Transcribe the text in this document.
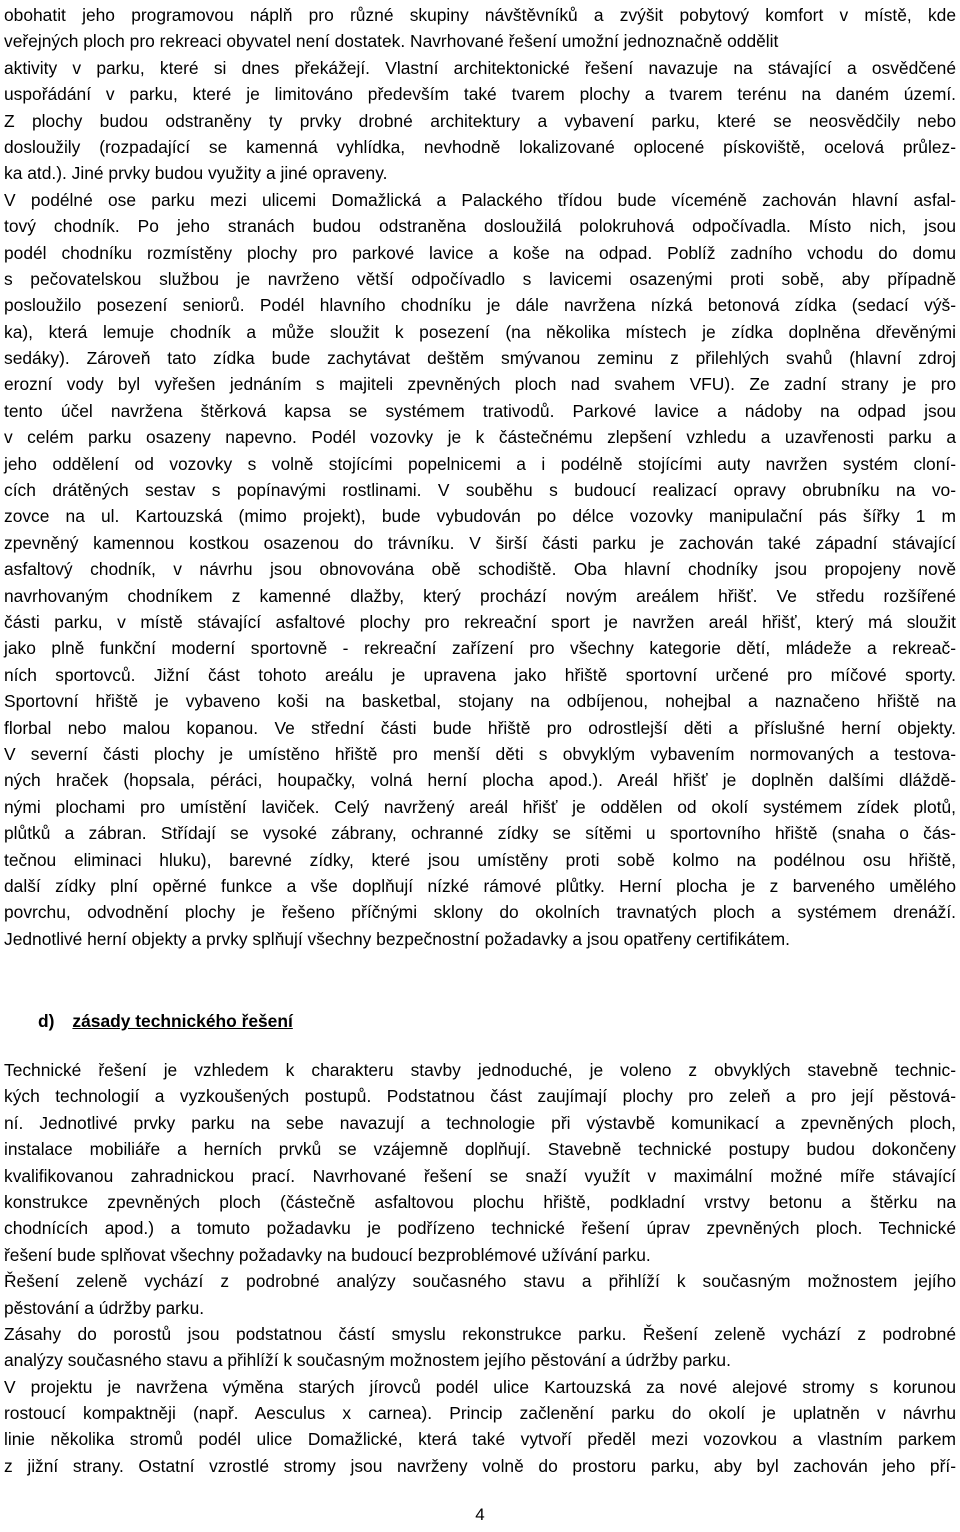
obohatit jeho programovou náplň pro různé skupiny návštěvníků a zvýšit pobytový komfort v místě, kde
veřejných ploch pro rekreaci obyvatel není dostatek. Navrhované řešení umožní jednoznačně oddělit
aktivity v parku, které si dnes překážejí. Vlastní architektonické řešení navazuje na stávající a osvědčené
uspořádání v parku, které je limitováno především také tvarem plochy a tvarem terénu na daném území.
Z plochy budou odstraněny ty prvky drobné architektury a vybavení parku, které se neosvědčily nebo
dosloužily (rozpadající se kamenná vyhlídka, nevhodně lokalizované oplocené pískoviště, ocelová průlez-
ka atd.). Jiné prvky budou využity a jiné opraveny.
V podélné ose parku mezi ulicemi Domažlická a Palackého třídou bude víceméně zachován hlavní asfal-
tový chodník. Po jeho stranách budou odstraněna dosloužilá polokruhová odpočívadla. Místo nich, jsou
podél chodníku rozmístěny plochy pro parkové lavice a koše na odpad. Poblíž zadního vchodu do domu
s pečovatelskou službou je navrženo větší odpočívadlo s lavicemi osazenými proti sobě, aby případně
posloužilo posezení seniorů. Podél hlavního chodníku je dále navržena nízká betonová zídka (sedací výš-
ka), která lemuje chodník a může sloužit k posezení (na několika místech je zídka doplněna dřevěnými
sedáky). Zároveň tato zídka bude zachytávat deštěm smývanou zeminu z přilehlých svahů (hlavní zdroj
erozní vody byl vyřešen jednáním s majiteli zpevněných ploch nad svahem VFU). Ze zadní strany je pro
tento účel navržena štěrková kapsa se systémem trativodů. Parkové lavice a nádoby na odpad jsou
v celém parku osazeny napevno. Podél vozovky je k částečnému zlepšení vzhledu a uzavřenosti parku a
jeho oddělení od vozovky s volně stojícími popelnicemi a i podélně stojícími auty navržen systém cloní-
cích drátěných sestav s popínavými rostlinami. V souběhu s budoucí realizací opravy obrubníku na vo-
zovce na ul. Kartouzská (mimo projekt), bude vybudován po délce vozovky manipulační pás šířky 1 m
zpevněný kamennou kostkou osazenou do trávníku. V širší části parku je zachován také západní stávající
asfaltový chodník, v návrhu jsou obnovována obě schodiště. Oba hlavní chodníky jsou propojeny nově
navrhovaným chodníkem z kamenné dlažby, který prochází novým areálem hřišť. Ve středu rozšířené
části parku, v místě stávající asfaltové plochy pro rekreační sport je navržen areál hřišť, který má sloužit
jako plně funkční moderní sportovně - rekreační zařízení pro všechny kategorie dětí, mládeže a rekreač-
ních sportovců. Jižní část tohoto areálu je upravena jako hřiště sportovní určené pro míčové sporty.
Sportovní hřiště je vybaveno koši na basketbal, stojany na odbíjenou, nohejbal a naznačeno hřiště na
florbal nebo malou kopanou. Ve střední části bude hřiště pro odrostlejší děti a příslušné herní objekty.
V severní části plochy je umístěno hřiště pro menší děti s obvyklým vybavením normovaných a testova-
ných hraček (hopsala, péráci, houpačky, volná herní plocha apod.). Areál hřišť je doplněn dalšími dláždě-
nými plochami pro umístění laviček. Celý navržený areál hřišť je oddělen od okolí systémem zídek plotů,
plůtků a zábran. Střídají se vysoké zábrany, ochranné zídky se sítěmi u sportovního hřiště (snaha o čás-
tečnou eliminaci hluku), barevné zídky, které jsou umístěny proti sobě kolmo na podélnou osu hřiště,
další zídky plní opěrné funkce a vše doplňují nízké rámové plůtky. Herní plocha je z barveného umělého
povrchu, odvodnění plochy je řešeno příčnými sklony do okolních travnatých ploch a systémem drenáží.
Jednotlivé herní objekty a prvky splňují všechny bezpečnostní požadavky a jsou opatřeny certifikátem.
d) zásady technického řešení
Technické řešení je vzhledem k charakteru stavby jednoduché, je voleno z obvyklých stavebně technic-
kých technologií a vyzkoušených postupů. Podstatnou část zaujímají plochy pro zeleň a pro její pěstová-
ní. Jednotlivé prvky parku na sebe navazují a technologie při výstavbě komunikací a zpevněných ploch,
instalace mobiliáře a herních prvků se vzájemně doplňují. Stavebně technické postupy budou dokončeny
kvalifikovanou zahradnickou prací. Navrhované řešení se snaží využít v maximální možné míře stávající
konstrukce zpevněných ploch (částečně asfaltovou plochu hřiště, podkladní vrstvy betonu a štěrku na
chodnících apod.) a tomuto požadavku je podřízeno technické řešení úprav zpevněných ploch. Technické
řešení bude splňovat všechny požadavky na budoucí bezproblémové užívání parku.
Řešení zeleně vychází z podrobné analýzy současného stavu a přihlíží k současným možnostem jejího
pěstování a údržby parku.
Zásahy do porostů jsou podstatnou částí smyslu rekonstrukce parku. Řešení zeleně vychází z podrobné
analýzy současného stavu a přihlíží k současným možnostem jejího pěstování a údržby parku.
V projektu je navržena výměna starých jírovců podél ulice Kartouzská za nové alejové stromy s korunou
rostoucí kompaktněji (např. Aesculus x carnea). Princip začlenění parku do okolí je uplatněn v návrhu
linie několika stromů podél ulice Domažlické, která také vytvoří předěl mezi vozovkou a vlastním parkem
z jižní strany. Ostatní vzrostlé stromy jsou navrženy volně do prostoru parku, aby byl zachován jeho pří-
4
